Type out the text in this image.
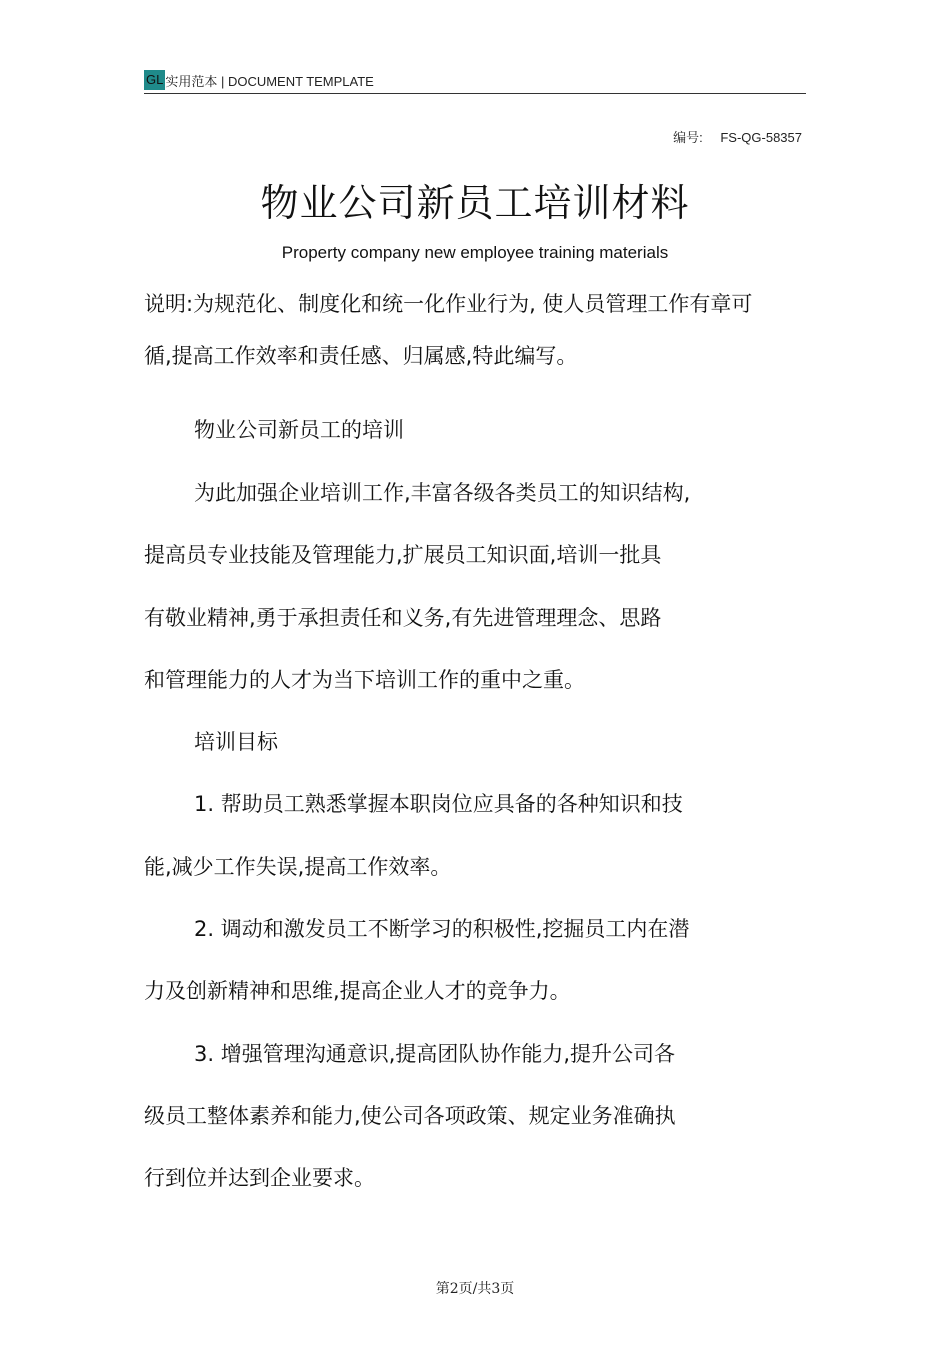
GL 实用范本 | DOCUMENT TEMPLATE
编号: FS-QG-58357
物业公司新员工培训材料
Property company new employee training materials
说明:为规范化、制度化和统一化作业行为, 使人员管理工作有章可
循,提高工作效率和责任感、归属感,特此编写。
物业公司新员工的培训
为此加强企业培训工作,丰富各级各类员工的知识结构,
提高员专业技能及管理能力,扩展员工知识面,培训一批具
有敬业精神,勇于承担责任和义务,有先进管理理念、思路
和管理能力的人才为当下培训工作的重中之重。
培训目标
1. 帮助员工熟悉掌握本职岗位应具备的各种知识和技
能,减少工作失误,提高工作效率。
2. 调动和激发员工不断学习的积极性,挖掘员工内在潜
力及创新精神和思维,提高企业人才的竞争力。
3. 增强管理沟通意识,提高团队协作能力,提升公司各
级员工整体素养和能力,使公司各项政策、规定业务准确执
行到位并达到企业要求。
第2页/共3页
